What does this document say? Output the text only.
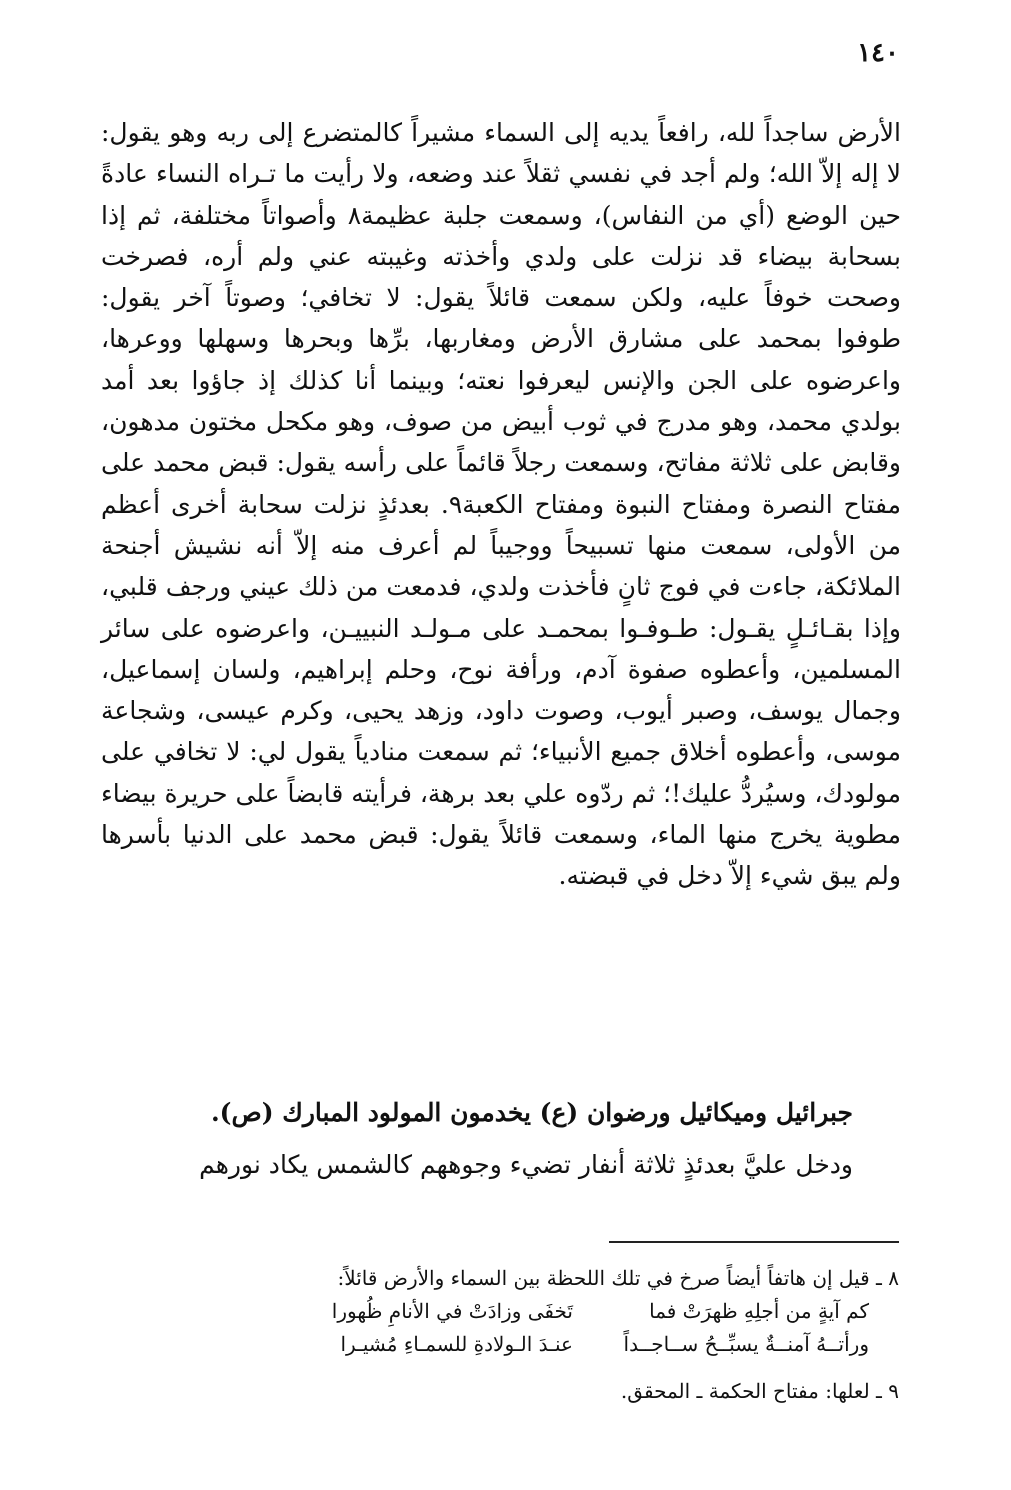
١٤٠

الأرض ساجداً لله، رافعاً يديه إلى السماء مشيراً كالمتضرع إلى ربه وهو يقول: لا إله إلاّ الله؛ ولم أجد في نفسي ثقلاً عند وضعه، ولا رأيت ما تـراه النساء عادةً حين الوضع (أي من النفاس)، وسمعت جلبة عظيمة٨ وأصواتاً مختلفة، ثم إذا بسحابة بيضاء قد نزلت على ولدي وأخذته وغيبته عني ولم أره، فصرخت وصحت خوفاً عليه، ولكن سمعت قائلاً يقول: لا تخافي؛ وصوتاً آخر يقول: طوفوا بمحمد على مشارق الأرض ومغاربها، برِّها وبحرها وسهلها ووعرها، واعرضوه على الجن والإنس ليعرفوا نعته؛ وبينما أنا كذلك إذ جاؤوا بعد أمد بولدي محمد، وهو مدرج في ثوب أبيض من صوف، وهو مكحل مختون مدهون، وقابض على ثلاثة مفاتح، وسمعت رجلاً قائماً على رأسه يقول: قبض محمد على مفتاح النصرة ومفتاح النبوة ومفتاح الكعبة٩. بعدئذٍ نزلت سحابة أخرى أعظم من الأولى، سمعت منها تسبيحاً ووجيباً لم أعرف منه إلاّ أنه نشيش أجنحة الملائكة، جاءت في فوج ثانٍ فأخذت ولدي، فدمعت من ذلك عيني ورجف قلبي، وإذا بقـائـلٍ يقـول: طـوفـوا بمحمـد على مـولـد النبييـن، واعرضوه على سائر المسلمين، وأعطوه صفوة آدم، ورأفة نوح، وحلم إبراهيم، ولسان إسماعيل، وجمال يوسف، وصبر أيوب، وصوت داود، وزهد يحيى، وكرم عيسى، وشجاعة موسى، وأعطوه أخلاق جميع الأنبياء؛ ثم سمعت منادياً يقول لي: لا تخافي على مولودك، وسيُردُّ عليك!؛ ثم ردّوه علي بعد برهة، فرأيته قابضاً على حريرة بيضاء مطوية يخرج منها الماء، وسمعت قائلاً يقول: قبض محمد على الدنيا بأسرها ولم يبق شيء إلاّ دخل في قبضته.

جبرائيل وميكائيل ورضوان (ع) يخدمون المولود المبارك (ص).
ودخل عليَّ بعدئذٍ ثلاثة أنفار تضيء وجوههم كالشمس يكاد نورهم

٨ ـ قيل إن هاتفاً أيضاً صرخ في تلك اللحظة بين السماء والأرض قائلاً:

كم آيةٍ من أجلِهِ ظهرَتْ فما
تَخفَى وزادَتْ في الأنامِ ظُهورا
ورأتــهُ آمنــةٌ يسبِّــحُ ســاجــداً
عنـدَ الـولادةِ للسمـاءِ مُشيـرا

٩ ـ لعلها: مفتاح الحكمة ـ المحقق.
